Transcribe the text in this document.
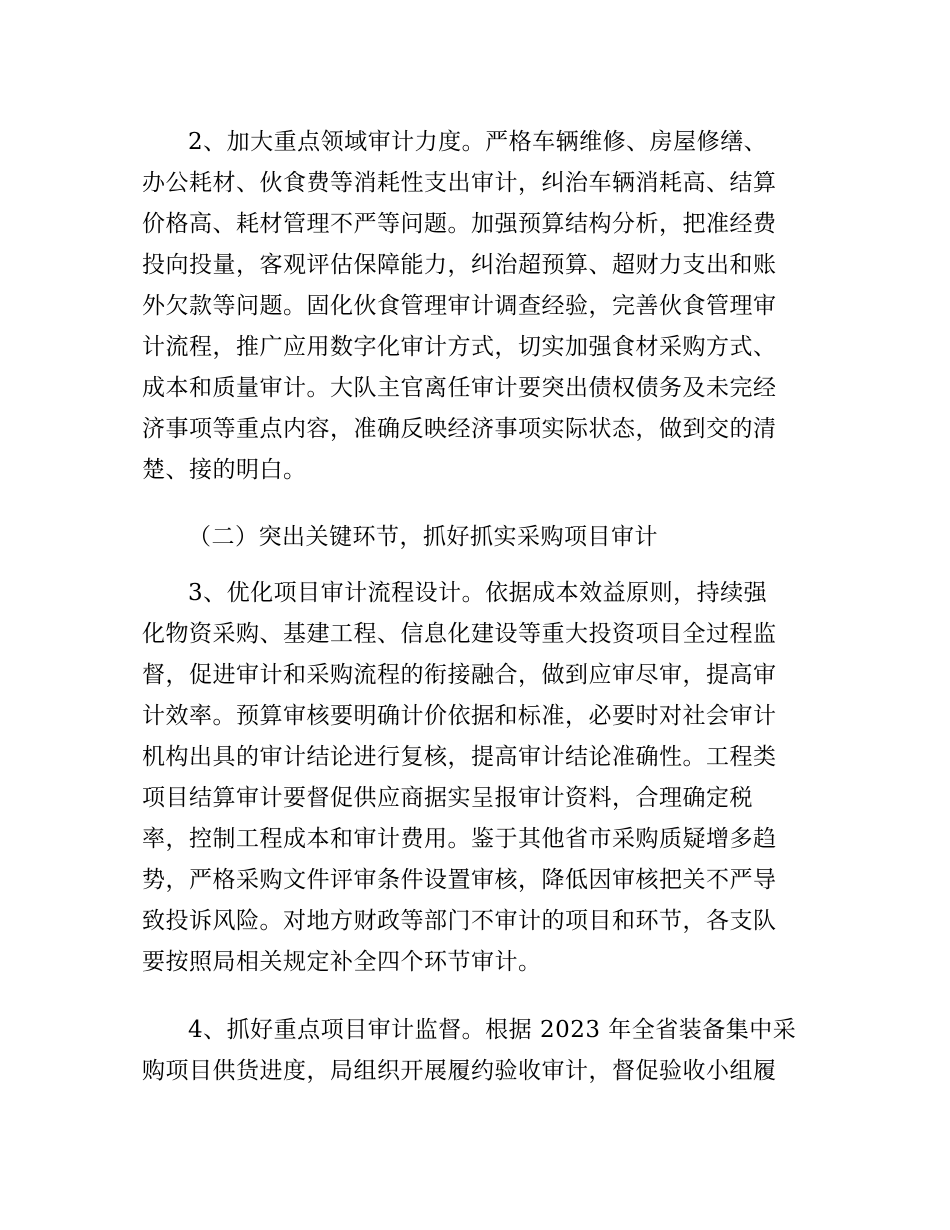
2、加大重点领域审计力度。严格车辆维修、房屋修缮、

办公耗材、伙食费等消耗性支出审计，纠治车辆消耗高、结算

价格高、耗材管理不严等问题。加强预算结构分析，把准经费

投向投量，客观评估保障能力，纠治超预算、超财力支出和账

外欠款等问题。固化伙食管理审计调查经验，完善伙食管理审

计流程，推广应用数字化审计方式，切实加强食材采购方式、

成本和质量审计。大队主官离任审计要突出债权债务及未完经

济事项等重点内容，准确反映经济事项实际状态，做到交的清

楚、接的明白。

（二）突出关键环节，抓好抓实采购项目审计

3、优化项目审计流程设计。依据成本效益原则，持续强

化物资采购、基建工程、信息化建设等重大投资项目全过程监

督，促进审计和采购流程的衔接融合，做到应审尽审，提高审

计效率。预算审核要明确计价依据和标准，必要时对社会审计

机构出具的审计结论进行复核，提高审计结论准确性。工程类

项目结算审计要督促供应商据实呈报审计资料，合理确定税

率，控制工程成本和审计费用。鉴于其他省市采购质疑增多趋

势，严格采购文件评审条件设置审核，降低因审核把关不严导

致投诉风险。对地方财政等部门不审计的项目和环节，各支队

要按照局相关规定补全四个环节审计。

4、抓好重点项目审计监督。根据 2023 年全省装备集中采

购项目供货进度，局组织开展履约验收审计，督促验收小组履
